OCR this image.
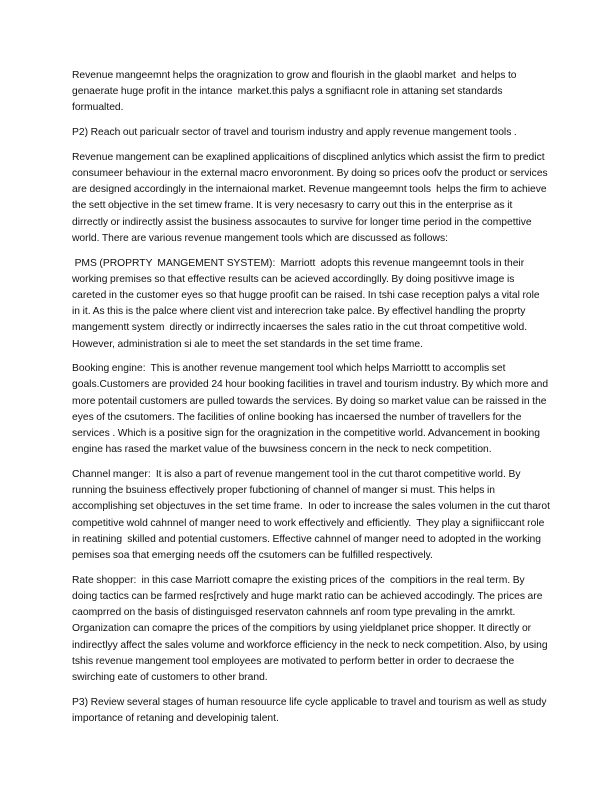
Revenue mangeemnt helps the oragnization to grow and flourish in the glaobl market  and helps to genaerate huge profit in the intance  market.this palys a sgnifiacnt role in attaning set standards formualted.

P2) Reach out paricualr sector of travel and tourism industry and apply revenue mangement tools .

Revenue mangement can be exaplined applicaitions of discplined anlytics which assist the firm to predict consumeer behaviour in the external macro envoronment. By doing so prices oofv the product or services are designed accordingly in the internaional market. Revenue mangeemnt tools  helps the firm to achieve the sett objective in the set timew frame. It is very necesasry to carry out this in the enterprise as it dirrectly or indirectly assist the business assocautes to survive for longer time period in the compettive world. There are various revenue mangement tools which are discussed as follows:

PMS (PROPRTY  MANGEMENT SYSTEM):  Marriott  adopts this revenue mangeemnt tools in their working premises so that effective results can be acieved accordinglly. By doing positivve image is careted in the customer eyes so that hugge proofit can be raised. In tshi case reception palys a vital role in it. As this is the palce where client vist and interecrion take palce. By effectivel handling the proprty mangementt system  directly or indirrectly incaerses the sales ratio in the cut throat competitive wold. However, administration si ale to meet the set standards in the set time frame.

Booking engine:  This is another revenue mangement tool which helps Marriottt to accomplis set goals.Customers are provided 24 hour booking facilities in travel and tourism industry. By which more and more potentail customers are pulled towards the services. By doing so market value can be raissed in the eyes of the csutomers. The facilities of online booking has incaersed the number of travellers for the services . Which is a positive sign for the oragnization in the competitive world. Advancement in booking engine has rased the market value of the buwsiness concern in the neck to neck competition.

Channel manger:  It is also a part of revenue mangement tool in the cut tharot competitive world. By running the bsuiness effectively proper fubctioning of channel of manger si must. This helps in accomplishing set objectuves in the set time frame.  In oder to increase the sales volumen in the cut tharot competitive wold cahnnel of manger need to work effectively and efficiently.  They play a signifiiccant role in reatining  skilled and potential customers. Effective cahnnel of manger need to adopted in the working pemises soa that emerging needs off the csutomers can be fulfilled respectively.

Rate shopper:  in this case Marriott comapre the existing prices of the  compitiors in the real term. By doing tactics can be farmed res[rctively and huge markt ratio can be achieved accodingly. The prices are caomprred on the basis of distinguisged reservaton cahnnels anf room type prevaling in the amrkt. Organization can comapre the prices of the compitiors by using yieldplanet price shopper. It directly or indirectlyy affect the sales volume and workforce efficiency in the neck to neck competition. Also, by using tshis revenue mangement tool employees are motivated to perform better in order to decraese the swirching eate of customers to other brand.

P3) Review several stages of human resouurce life cycle applicable to travel and tourism as well as study importance of retaning and developinig talent.
